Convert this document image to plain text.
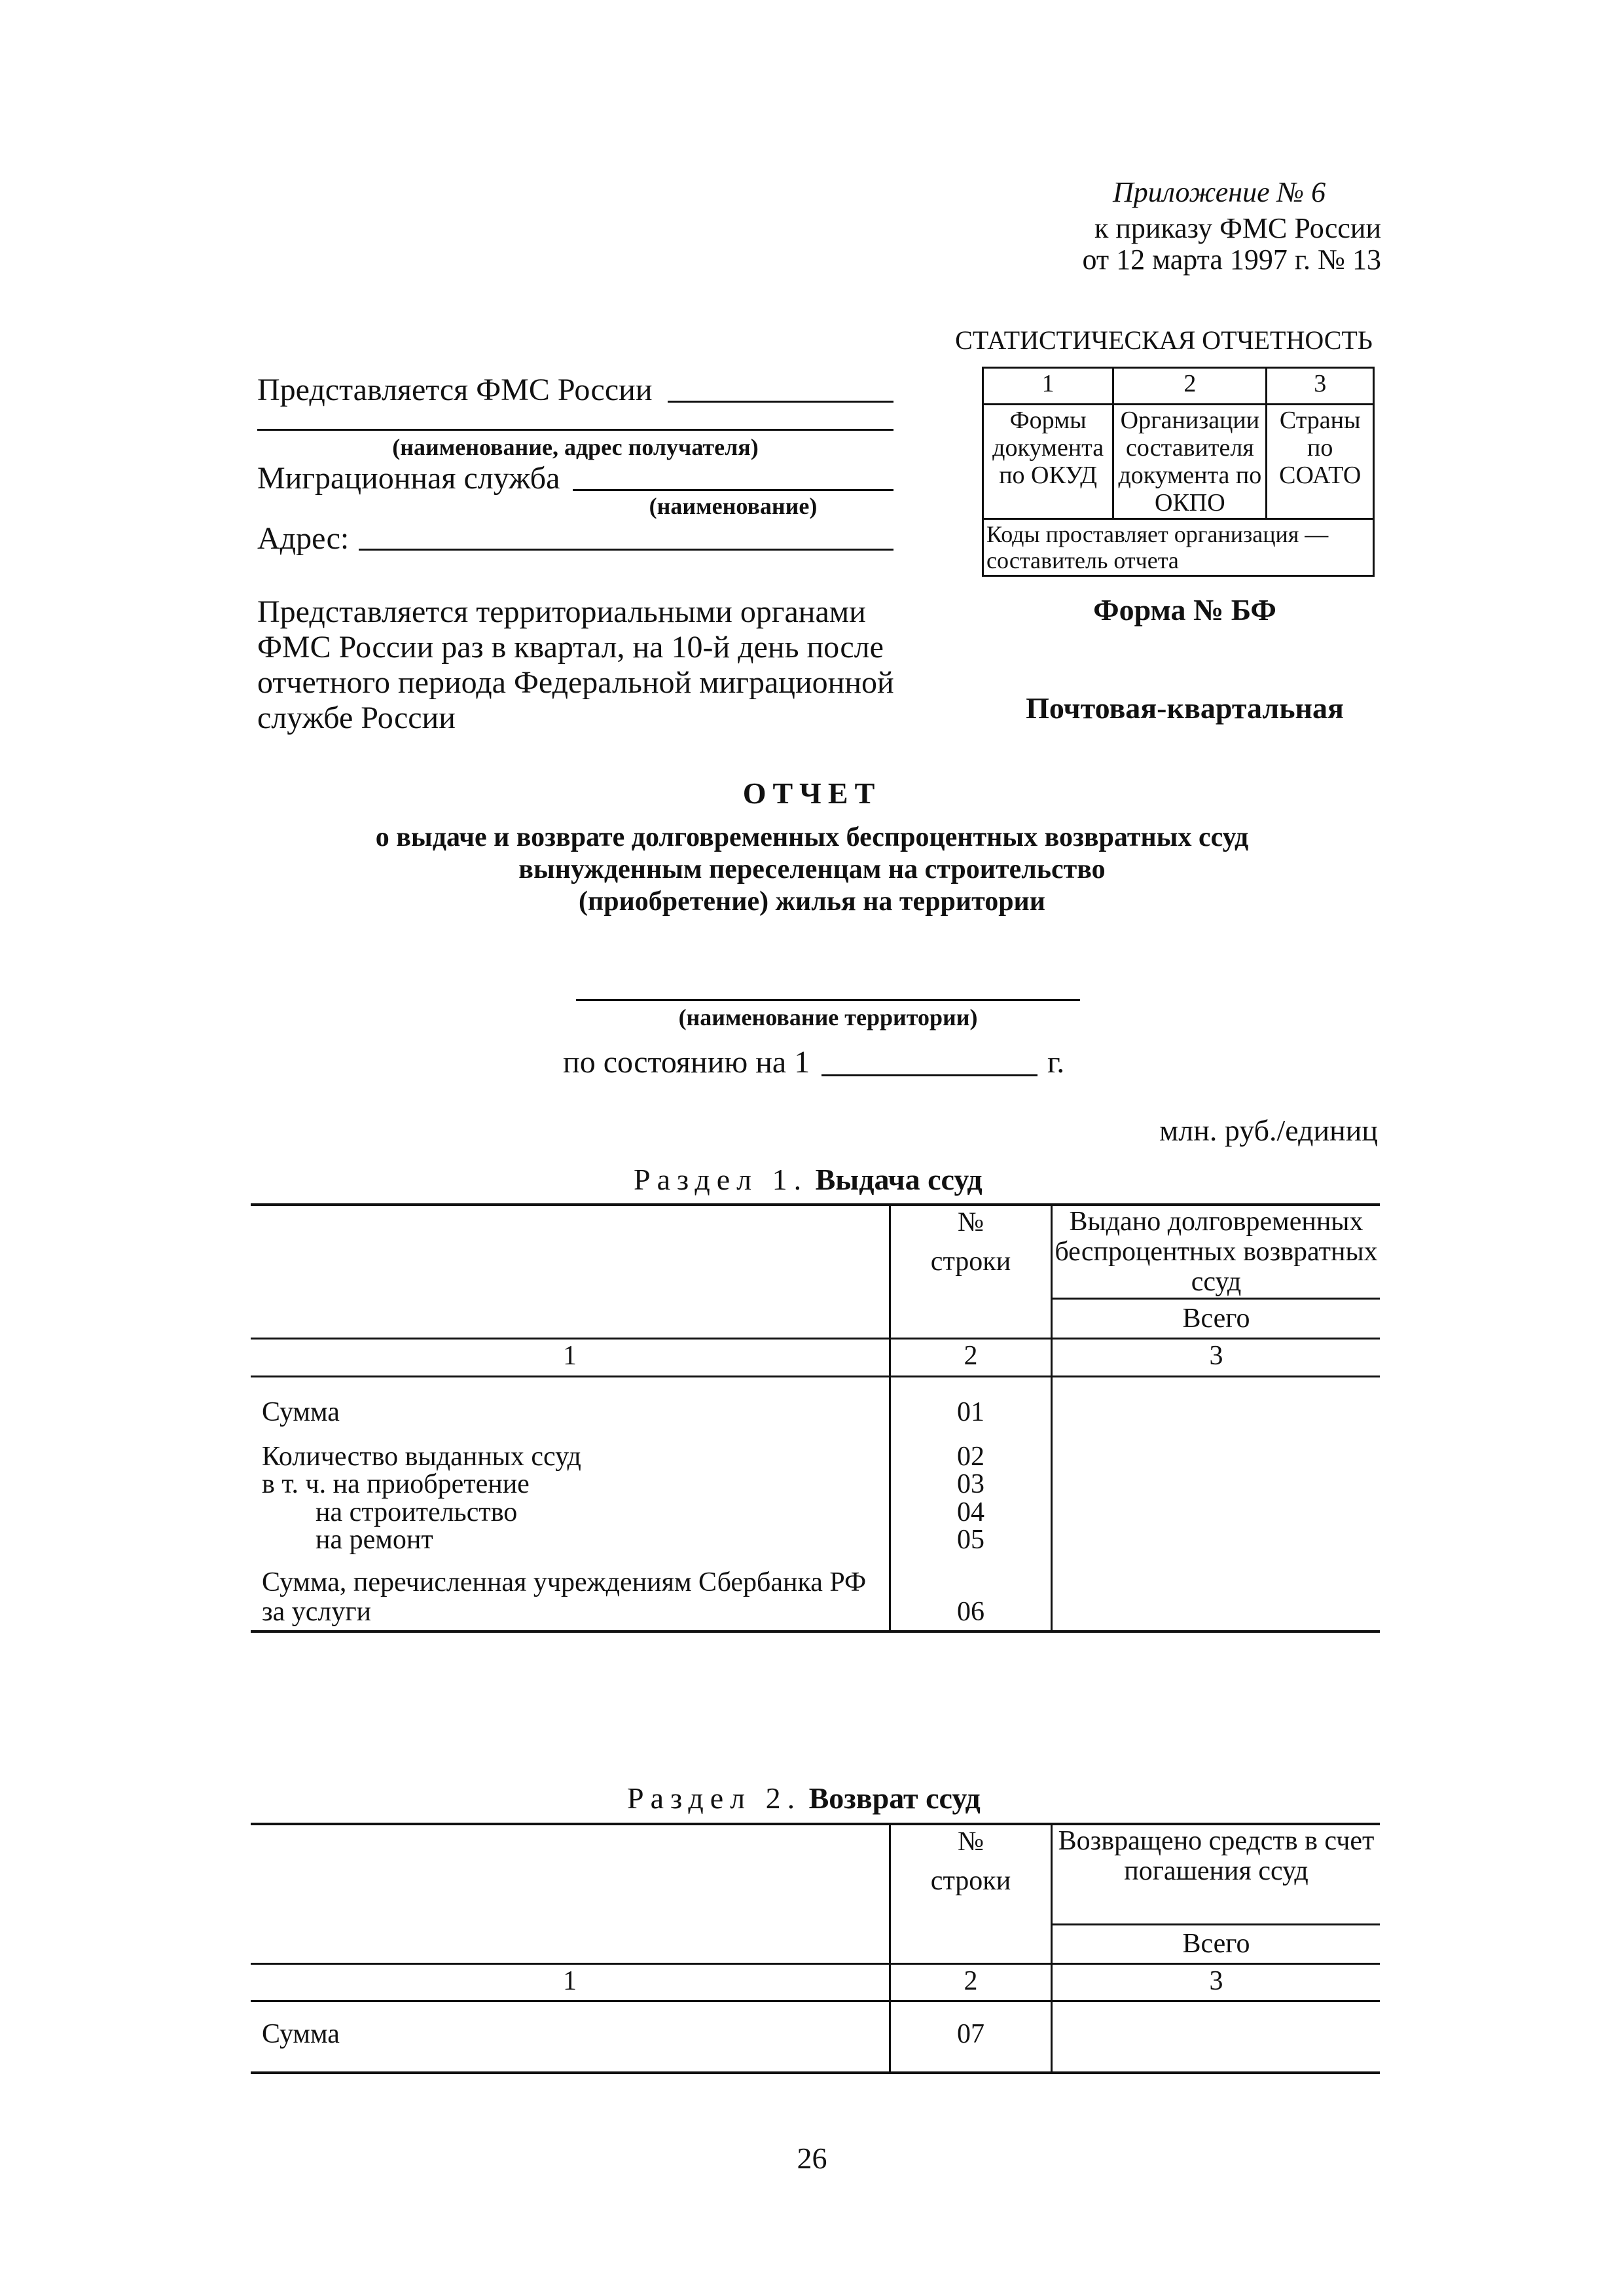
Приложение № 6
к приказу ФМС России
от 12 марта 1997 г. № 13
СТАТИСТИЧЕСКАЯ ОТЧЕТНОСТЬ
1	2	3
Формы документа по ОКУД	Организации составителя документа по ОКПО	Страны по СОАТО
Коды проставляет организация — составитель отчета		
Представляется ФМС России
(наименование, адрес получателя)
Миграционная служба
(наименование)
Адрес:
Представляется территориальными органами ФМС России раз в квартал, на 10-й день после отчетного периода Федеральной миграционной службе России
Форма № БФ
Почтовая-квартальная
ОТЧЕТ
о выдаче и возврате долговременных беспроцентных возвратных ссуд
вынужденным переселенцам на строительство
(приобретение) жилья на территории
(наименование территории)
по состоянию на 1	г.
млн. руб./единиц
Раздел 1. Выдача ссуд
№
строки
Выдано долговременных беспроцентных возвратных ссуд
Всего
1	2	3
Сумма	01
Количество выданных ссуд	02
в т. ч. на приобретение	03
на строительство	04
на ремонт	05
Сумма, перечисленная учреждениям Сбербанка РФ
за услуги	06
Раздел 2. Возврат ссуд
№
строки
Возвращено средств в счет погашения ссуд
Всего
1	2	3
Сумма	07
26
